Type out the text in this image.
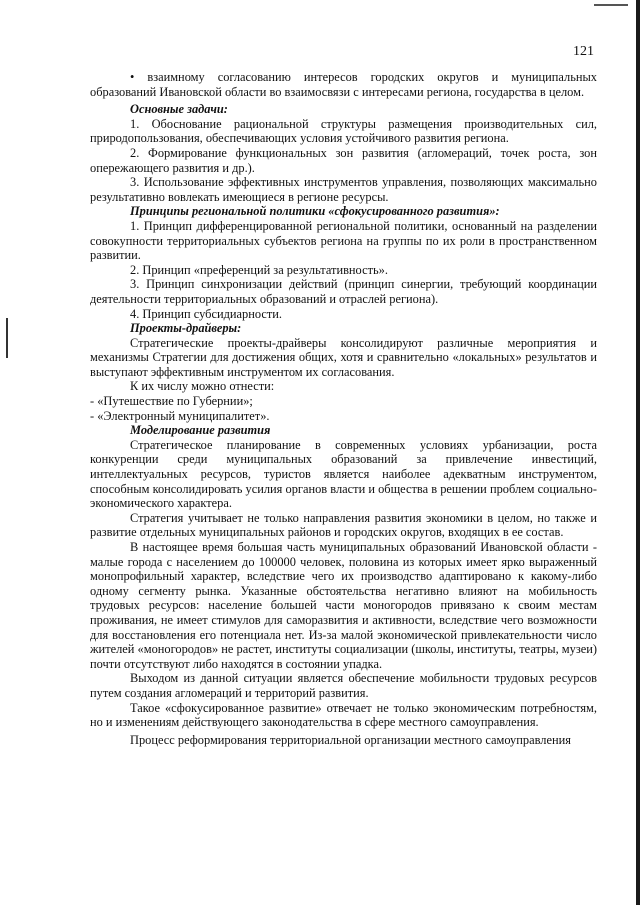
121

• взаимному согласованию интересов городских округов и муниципальных образований Ивановской области во взаимосвязи с интересами региона, государства в целом.

Основные задачи:

1. Обоснование рациональной структуры размещения производительных сил, природопользования, обеспечивающих условия устойчивого развития региона.

2. Формирование функциональных зон развития (агломераций, точек роста, зон опережающего развития и др.).

3. Использование эффективных инструментов управления, позволяющих максимально результативно вовлекать имеющиеся в регионе ресурсы.

Принципы региональной политики «сфокусированного развития»:

1. Принцип дифференцированной региональной политики, основанный на разделении совокупности территориальных субъектов региона на группы по их роли в пространственном развитии.

2. Принцип «преференций за результативность».

3. Принцип синхронизации действий (принцип синергии, требующий координации деятельности территориальных образований и отраслей региона).

4. Принцип субсидиарности.

Проекты-драйверы:

Стратегические проекты-драйверы консолидируют различные мероприятия и механизмы Стратегии для достижения общих, хотя и сравнительно «локальных» результатов и выступают эффективным инструментом их согласования.

К их числу можно отнести:

- «Путешествие по Губернии»;

- «Электронный муниципалитет».

Моделирование развития

Стратегическое планирование в современных условиях урбанизации, роста конкуренции среди муниципальных образований за привлечение инвестиций, интеллектуальных ресурсов, туристов является наиболее адекватным инструментом, способным консолидировать усилия органов власти и общества в решении проблем социально-экономического характера.

Стратегия учитывает не только направления развития экономики в целом, но также и развитие отдельных муниципальных районов и городских округов, входящих в ее состав.

В настоящее время большая часть муниципальных образований Ивановской области - малые города с населением до 100000 человек, половина из которых имеет ярко выраженный монопрофильный характер, вследствие чего их производство адаптировано к какому-либо одному сегменту рынка. Указанные обстоятельства негативно влияют на мобильность трудовых ресурсов: население большей части моногородов привязано к своим местам проживания, не имеет стимулов для саморазвития и активности, вследствие чего возможности для восстановления его потенциала нет. Из-за малой экономической привлекательности число жителей «моногородов» не растет, институты социализации (школы, институты, театры, музеи) почти отсутствуют либо находятся в состоянии упадка.

Выходом из данной ситуации является обеспечение мобильности трудовых ресурсов путем создания агломераций и территорий развития.

Такое «сфокусированное развитие» отвечает не только экономическим потребностям, но и изменениям действующего законодательства в сфере местного самоуправления.

Процесс реформирования территориальной организации местного самоуправления
